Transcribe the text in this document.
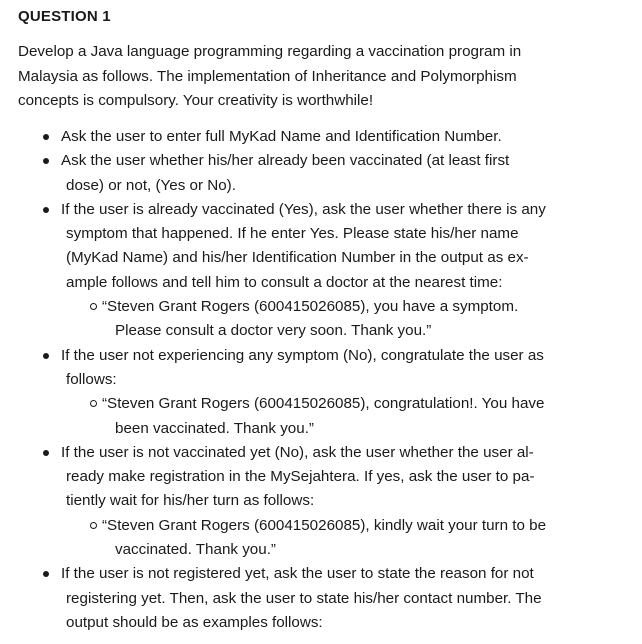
QUESTION 1
Develop a Java language programming regarding a vaccination program in
Malaysia as follows. The implementation of Inheritance and Polymorphism
concepts is compulsory. Your creativity is worthwhile!
Ask the user to enter full MyKad Name and Identification Number.
Ask the user whether his/her already been vaccinated (at least first
dose) or not, (Yes or No).
If the user is already vaccinated (Yes), ask the user whether there is any
symptom that happened. If he enter Yes. Please state his/her name
(MyKad Name) and his/her Identification Number in the output as ex-
ample follows and tell him to consult a doctor at the nearest time:
“Steven Grant Rogers (600415026085), you have a symptom.
Please consult a doctor very soon. Thank you.”
If the user not experiencing any symptom (No), congratulate the user as
follows:
“Steven Grant Rogers (600415026085), congratulation!. You have
been vaccinated. Thank you.”
If the user is not vaccinated yet (No), ask the user whether the user al-
ready make registration in the MySejahtera. If yes, ask the user to pa-
tiently wait for his/her turn as follows:
“Steven Grant Rogers (600415026085), kindly wait your turn to be
vaccinated. Thank you.”
If the user is not registered yet, ask the user to state the reason for not
registering yet. Then, ask the user to state his/her contact number. The
output should be as examples follows:
